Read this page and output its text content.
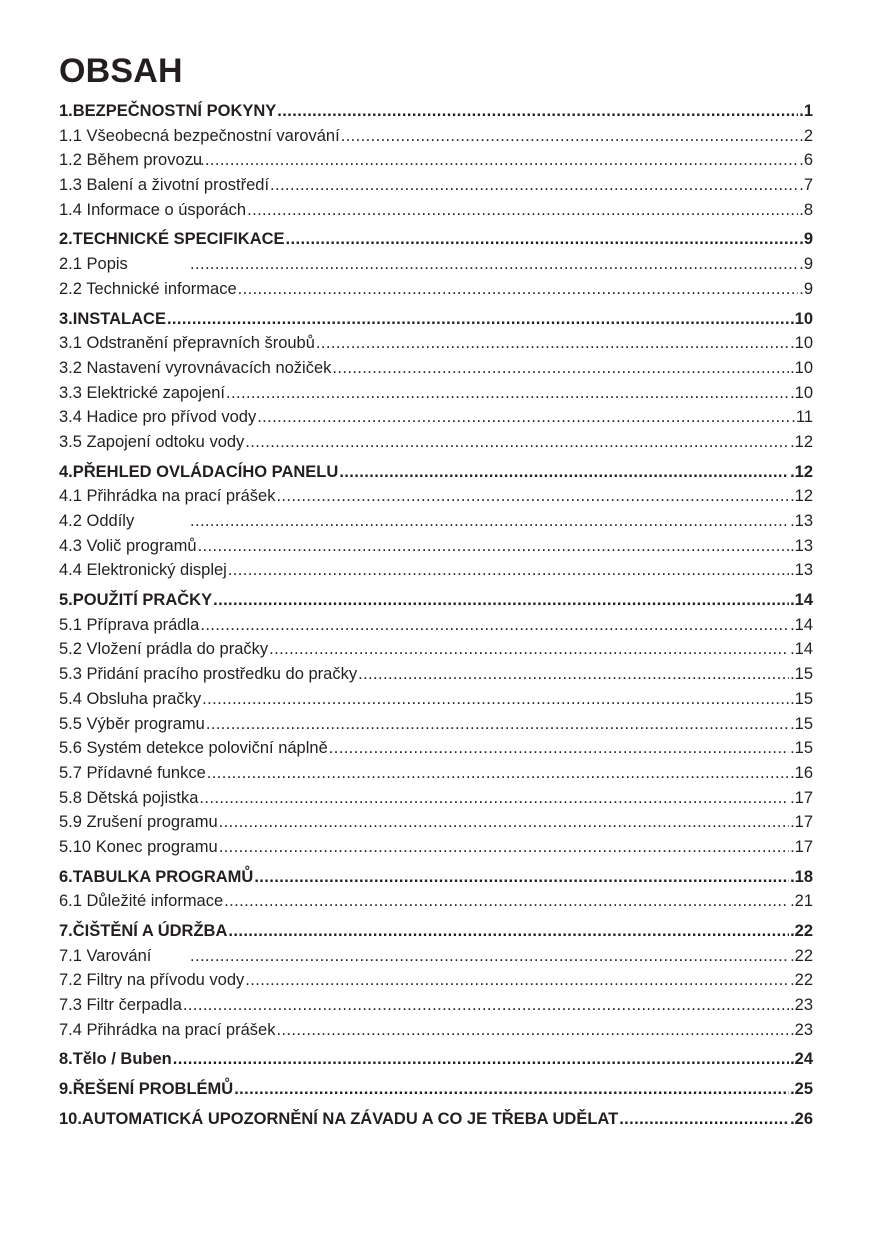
OBSAH
1.BEZPEČNOSTNÍ POKYNY .....	.1
1.1 Všeobecná bezpečnostní varování .....	.2
1.2 Během provozu .....	.6
1.3 Balení a životní prostředí .....	.7
1.4 Informace o úsporách .....	.8
2.TECHNICKÉ SPECIFIKACE .....	.9
2.1 Popis .....	.9
2.2 Technické informace .....	.9
3.INSTALACE .....	.10
3.1 Odstranění přepravních šroubů .....	.10
3.2 Nastavení vyrovnávacích nožiček .....	.10
3.3 Elektrické zapojení .....	.10
3.4 Hadice pro přívod vody .....	.11
3.5 Zapojení odtoku vody .....	.12
4.PŘEHLED OVLÁDACÍHO PANELU .....	.12
4.1 Přihrádka na prací prášek .....	.12
4.2 Oddíly .....	.13
4.3 Volič programů .....	.13
4.4 Elektronický displej .....	.13
5.POUŽITÍ PRAČKY .....	.14
5.1 Příprava prádla .....	.14
5.2 Vložení prádla do pračky .....	.14
5.3 Přidání pracího prostředku do pračky .....	.15
5.4 Obsluha pračky .....	.15
5.5 Výběr programu .....	.15
5.6 Systém detekce poloviční náplně .....	.15
5.7 Přídavné funkce .....	.16
5.8 Dětská pojistka .....	.17
5.9 Zrušení programu .....	.17
5.10 Konec programu .....	.17
6.TABULKA PROGRAMŮ .....	.18
6.1 Důležité informace .....	.21
7.ČIŠTĚNÍ A ÚDRŽBA .....	.22
7.1 Varování .....	.22
7.2 Filtry na přívodu vody .....	.22
7.3 Filtr čerpadla .....	.23
7.4 Přihrádka na prací prášek .....	.23
8.Tělo / Buben .....	.24
9.ŘEŠENÍ PROBLÉMŮ .....	.25
10.AUTOMATICKÁ UPOZORNĚNÍ NA ZÁVADU A CO JE TŘEBA UDĚLAT .....	.26
